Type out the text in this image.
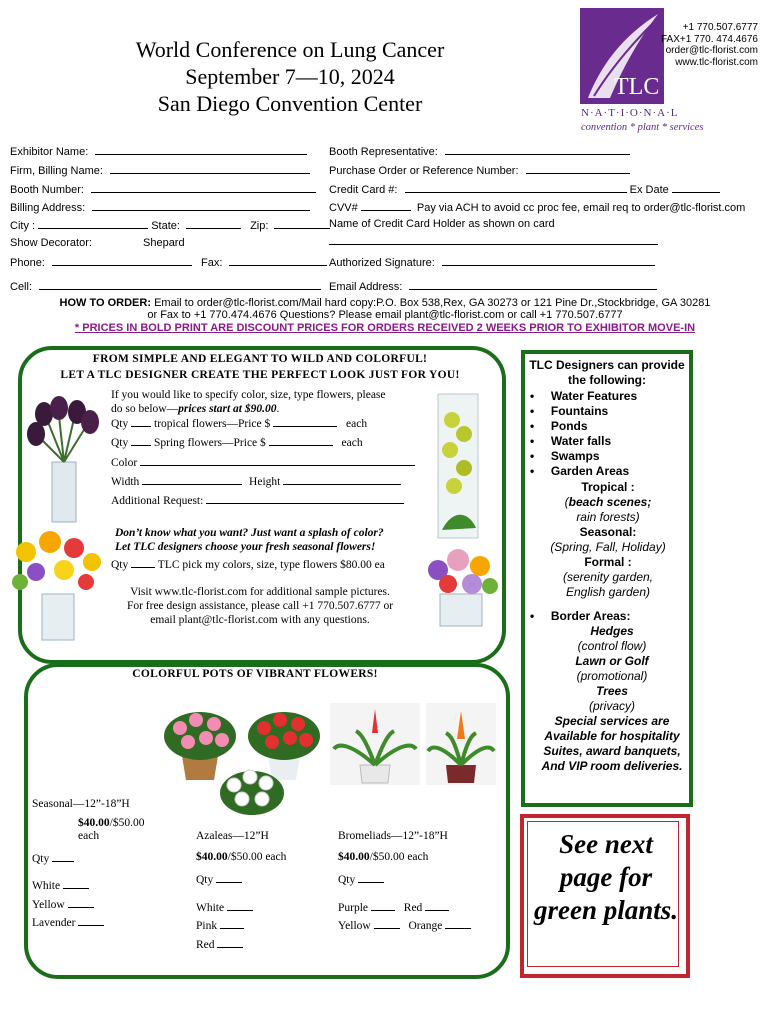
World Conference on Lung Cancer
September 7—10, 2024
San Diego Convention Center
TLC
N·A·T·I·O·N·A·L
convention * plant * services
+1 770.507.6777
FAX+1 770. 474.4676
order@tlc-florist.com
www.tlc-florist.com
Exhibitor Name:
Firm, Billing Name:
Booth Number:
Billing Address:
City :	State:	Zip:
Show Decorator:	Shepard
Phone:	Fax:
Cell:
Booth Representative:
Purchase Order or Reference Number:
Credit Card #:	Ex Date
CVV#	Pay via ACH to avoid cc proc fee, email req to order@tlc-florist.com
Name of Credit Card Holder as shown on card
Authorized Signature:
Email Address:
HOW TO ORDER: Email to order@tlc-florist.com/Mail hard copy:P.O. Box 538,Rex, GA 30273 or 121 Pine Dr.,Stockbridge, GA 30281
or Fax to +1 770.474.4676 Questions? Please email plant@tlc-florist.com or call +1 770.507.6777
* PRICES IN BOLD PRINT ARE DISCOUNT PRICES FOR ORDERS RECEIVED 2 WEEKS PRIOR TO EXHIBITOR MOVE-IN
FROM SIMPLE AND ELEGANT TO WILD AND COLORFUL!
LET A TLC DESIGNER CREATE THE PERFECT LOOK JUST FOR YOU!
If you would like to specify color, size, type flowers, please
do so below—prices start at $90.00.
Qty tropical flowers—Price $	each
Qty Spring flowers—Price $	each
Color
Width	Height
Additional Request:
Don’t know what you want? Just want a splash of color?
Let TLC designers choose your fresh seasonal flowers!
Qty	TLC pick my colors, size, type flowers $80.00 ea
Visit www.tlc-florist.com for additional sample pictures.
For free design assistance, please call +1 770.507.6777 or
email plant@tlc-florist.com with any questions.
COLORFUL POTS OF VIBRANT FLOWERS!
Seasonal—12”-18”H
$40.00/$50.00
each
Qty
White
Yellow
Lavender
Azaleas—12”H
$40.00/$50.00 each
Qty
White
Pink
Red
Bromeliads—12”-18”H
$40.00/$50.00 each
Qty
Purple	Red
Yellow	Orange
TLC Designers can provide the following:
•     Water Features
•     Fountains
•     Ponds
•     Water falls
•     Swamps
•     Garden Areas
Tropical :
(beach scenes;
rain forests)
Seasonal:
(Spring, Fall, Holiday)
Formal :
(serenity garden,
English garden)
•     Border Areas:
Hedges
(control flow)
Lawn or Golf
(promotional)
Trees
(privacy)
Special services are
Available for hospitality
Suites, award banquets,
And VIP room deliveries.
See next
page for
green plants.
